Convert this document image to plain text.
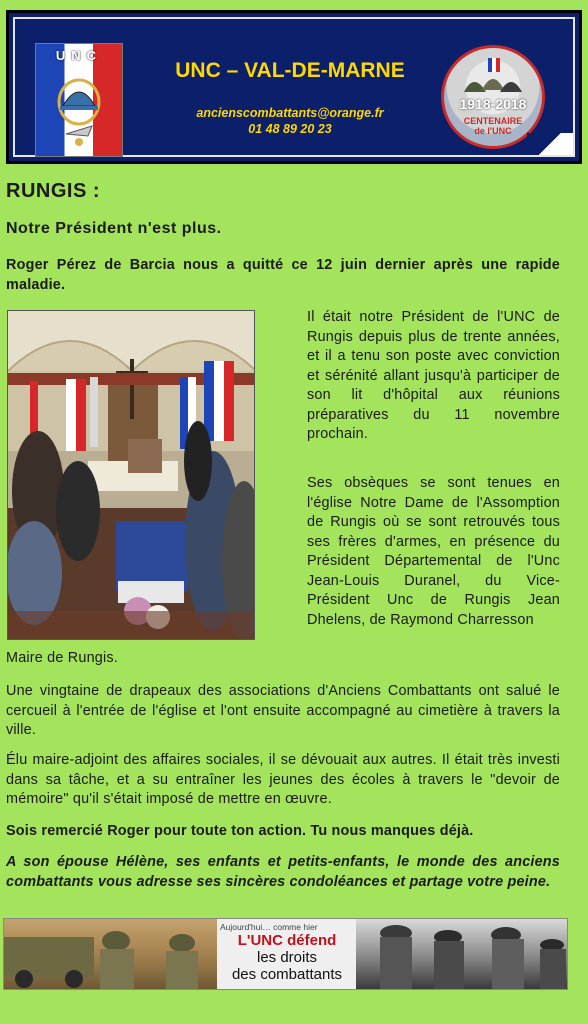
UNC
UNC – VAL-DE-MARNE
ancienscombattants@orange.fr
01 48 89 20 23
1918-2018
CENTENAIRE
de l'UNC
RUNGIS :
Notre Président n'est plus.

Roger Pérez de Barcia nous a quitté ce 12 juin dernier après une rapide maladie.

Il était notre Président de l'UNC de Rungis depuis plus de trente années, et il a tenu son poste avec conviction et sérénité allant jusqu'à participer de son lit d'hôpital aux réunions préparatives du 11 novembre prochain.

Ses obsèques se sont tenues en l'église Notre Dame de l'Assomption de Rungis où se sont retrouvés tous ses frères d'armes, en présence du Président Départemental de l'Unc Jean-Louis Duranel, du Vice-Président Unc de Rungis Jean Dhelens, de Raymond Charresson

Maire de Rungis.

Une vingtaine de drapeaux des associations d'Anciens Combattants ont salué le cercueil à l'entrée de l'église et l'ont ensuite accompagné au cimetière à travers la ville.

Élu maire-adjoint des affaires sociales, il se dévouait aux autres. Il était très investi dans sa tâche, et a su entraîner les jeunes des écoles à travers le "devoir de mémoire" qu'il s'était imposé de mettre en œuvre.

Sois remercié Roger pour toute ton action. Tu nous manques déjà.

A son épouse Hélène, ses enfants et petits-enfants, le monde des anciens combattants vous adresse ses sincères condoléances et partage votre peine.

Aujourd'hui… comme hier
L'UNC défend
les droits
des combattants
